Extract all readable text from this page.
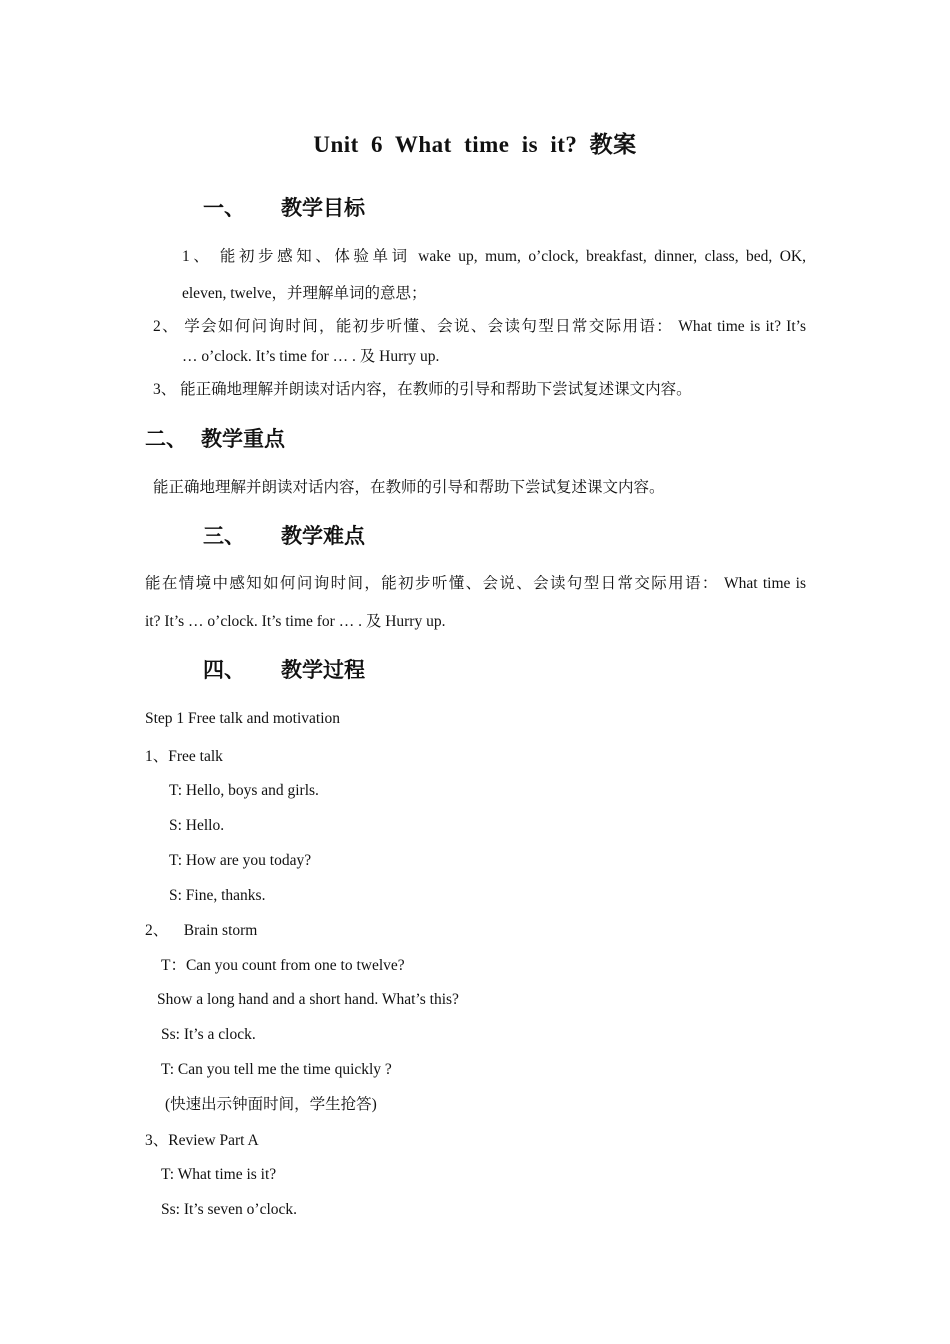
Unit 6 What time is it? 教案
一、 教学目标
1、 能初步感知、体验单词 wake up, mum, o’clock, breakfast, dinner, class, bed, OK,
eleven, twelve，并理解单词的意思；
2、 学会如何问询时间，能初步听懂、会说、会读句型日常交际用语： What time is it? It’s
… o’clock. It’s time for … . 及 Hurry up.
3、 能正确地理解并朗读对话内容，在教师的引导和帮助下尝试复述课文内容。
二、 教学重点
能正确地理解并朗读对话内容，在教师的引导和帮助下尝试复述课文内容。
三、 教学难点
能在情境中感知如何问询时间，能初步听懂、会说、会读句型日常交际用语： What time is
it? It’s … o’clock. It’s time for … . 及 Hurry up.
四、 教学过程
Step 1 Free talk and motivation
1、Free talk
T: Hello, boys and girls.
S: Hello.
T: How are you today?
S: Fine, thanks.
2、    Brain storm
T：Can you count from one to twelve?
Show a long hand and a short hand. What’s this?
Ss: It’s a clock.
T: Can you tell me the time quickly ?
(快速出示钟面时间，学生抢答)
3、Review Part A
T: What time is it?
Ss: It’s seven o’clock.
